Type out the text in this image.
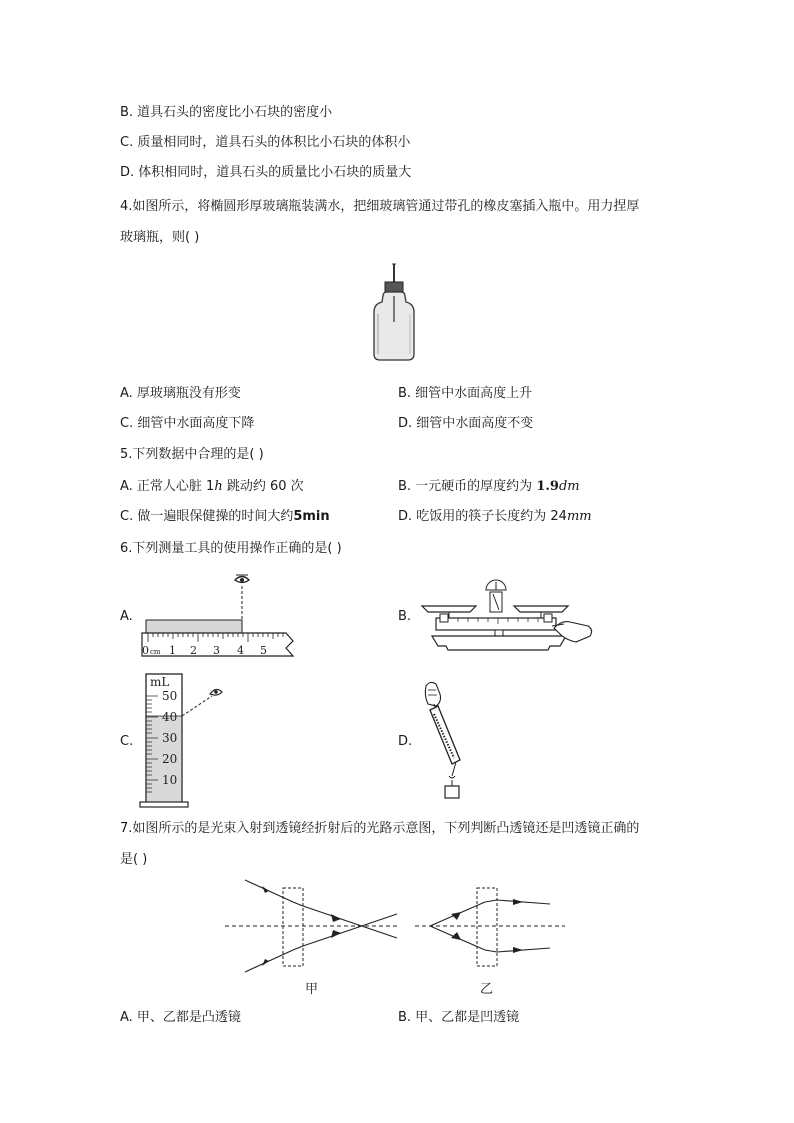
B. 道具石头的密度比小石块的密度小
C. 质量相同时，道具石头的体积比小石块的体积小
D. 体积相同时，道具石头的质量比小石块的质量大
4.如图所示，将椭圆形厚玻璃瓶装满水，把细玻璃管通过带孔的橡皮塞插入瓶中。用力捏厚
玻璃瓶，则( )
A. 厚玻璃瓶没有形变	B. 细管中水面高度上升
C. 细管中水面高度下降	D. 细管中水面高度不变
5.下列数据中合理的是( )
A. 正常人心脏 1h 跳动约 60 次	B. 一元硬币的厚度约为 1.9dm
C. 做一遍眼保健操的时间大约5min	D. 吃饭用的筷子长度约为 24mm
6.下列测量工具的使用操作正确的是( )
A.	B.
C.	D.
0 cm 1 2 3 4 5
mL
50
40
30
20
10
7.如图所示的是光束入射到透镜经折射后的光路示意图，下列判断凸透镜还是凹透镜正确的
是( )
甲	乙
A. 甲、乙都是凸透镜	B. 甲、乙都是凹透镜
